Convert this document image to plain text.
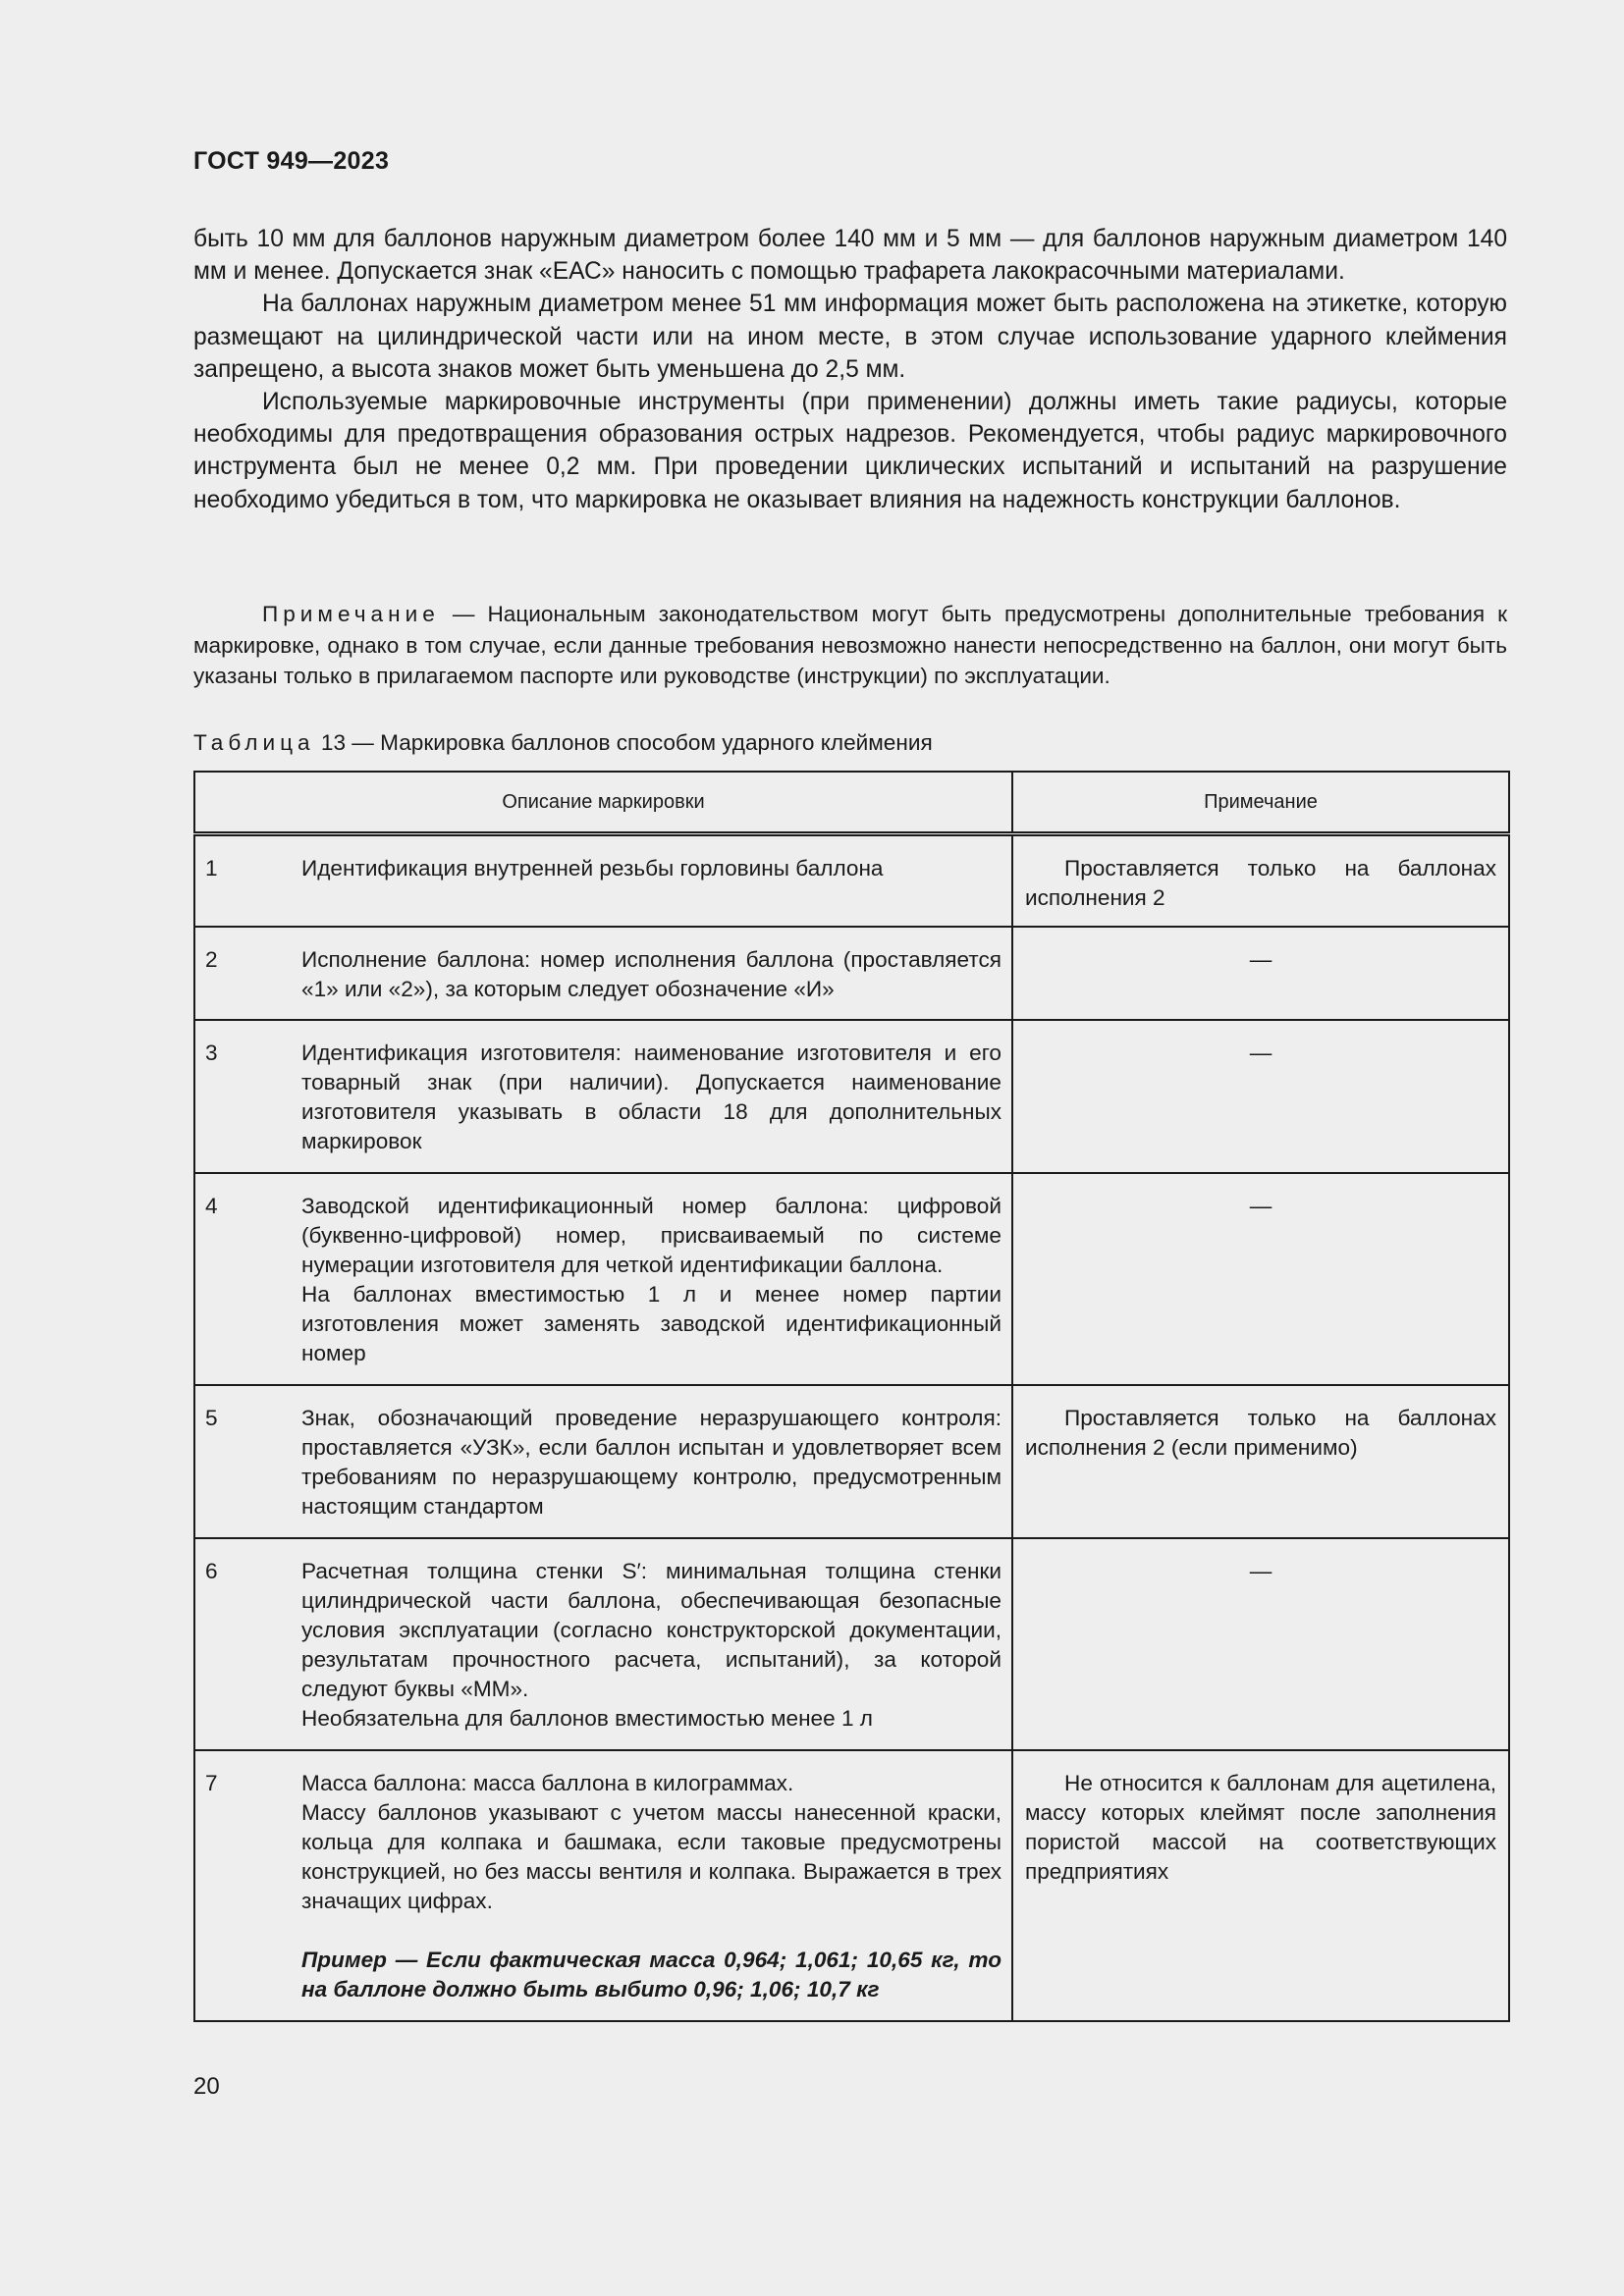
ГОСТ 949—2023

быть 10 мм для баллонов наружным диаметром более 140 мм и 5 мм — для баллонов наружным диаметром 140 мм и менее. Допускается знак «ЕАС» наносить с помощью трафарета лакокрасочными материалами.

На баллонах наружным диаметром менее 51 мм информация может быть расположена на этикетке, которую размещают на цилиндрической части или на ином месте, в этом случае использование ударного клеймения запрещено, а высота знаков может быть уменьшена до 2,5 мм.

Используемые маркировочные инструменты (при применении) должны иметь такие радиусы, которые необходимы для предотвращения образования острых надрезов. Рекомендуется, чтобы радиус маркировочного инструмента был не менее 0,2 мм. При проведении циклических испытаний и испытаний на разрушение необходимо убедиться в том, что маркировка не оказывает влияния на надежность конструкции баллонов.

Примечание — Национальным законодательством могут быть предусмотрены дополнительные требования к маркировке, однако в том случае, если данные требования невозможно нанести непосредственно на баллон, они могут быть указаны только в прилагаемом паспорте или руководстве (инструкции) по эксплуатации.

Таблица 13 — Маркировка баллонов способом ударного клеймения
Описание маркировки	Примечание

1 Идентификация внутренней резьбы горловины баллона	Проставляется только на баллонах исполнения 2

2 Исполнение баллона: номер исполнения баллона (проставляется «1» или «2»), за которым следует обозначение «И»	—

3 Идентификация изготовителя: наименование изготовителя и его товарный знак (при наличии). Допускается наименование изготовителя указывать в области 18 для дополнительных маркировок	—

4 Заводской идентификационный номер баллона: цифровой (буквенно-цифровой) номер, присваиваемый по системе нумерации изготовителя для четкой идентификации баллона.
На баллонах вместимостью 1 л и менее номер партии изготовления может заменять заводской идентификационный номер	—

5 Знак, обозначающий проведение неразрушающего контроля: проставляется «УЗК», если баллон испытан и удовлетворяет всем требованиям по неразрушающему контролю, предусмотренным настоящим стандартом	Проставляется только на баллонах исполнения 2 (если применимо)

6 Расчетная толщина стенки S′: минимальная толщина стенки цилиндрической части баллона, обеспечивающая безопасные условия эксплуатации (согласно конструкторской документации, результатам прочностного расчета, испытаний), за которой следуют буквы «ММ».
Необязательна для баллонов вместимостью менее 1 л	—

7 Масса баллона: масса баллона в килограммах.
Массу баллонов указывают с учетом массы нанесенной краски, кольца для колпака и башмака, если таковые предусмотрены конструкцией, но без массы вентиля и колпака. Выражается в трех значащих цифрах.
Пример — Если фактическая масса 0,964; 1,061; 10,65 кг, то на баллоне должно быть выбито 0,96; 1,06; 10,7 кг	Не относится к баллонам для ацетилена, массу которых клеймят после заполнения пористой массой на соответствующих предприятиях
20
